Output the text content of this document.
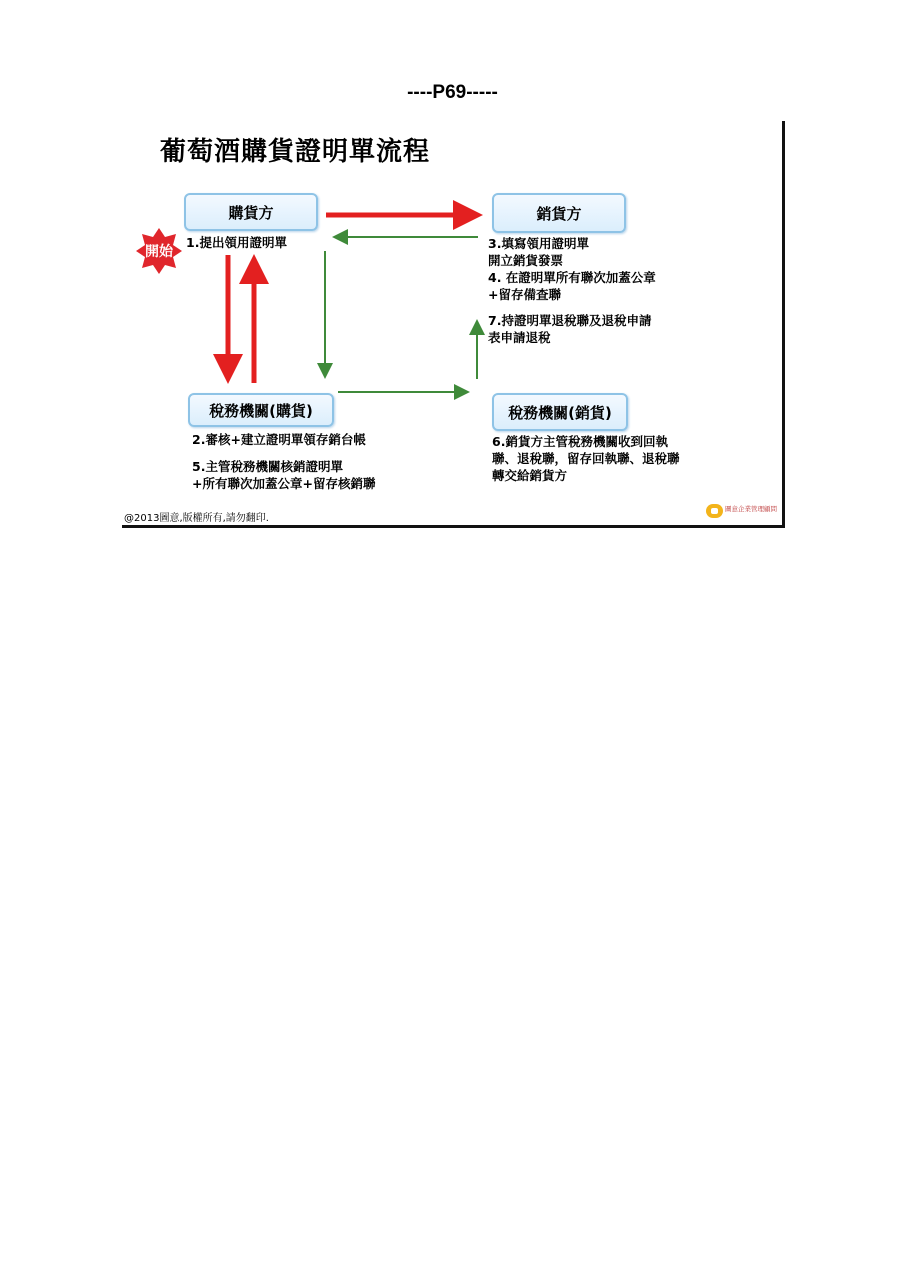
----P69-----
葡萄酒購貨證明單流程
開始
購貨方	銷貨方
稅務機關(購貨)	稅務機關(銷貨)
1.提出領用證明單	3.填寫領用證明單
開立銷貨發票
4. 在證明單所有聯次加蓋公章
+留存備查聯
7.持證明單退稅聯及退稅申請
表申請退稅
2.審核+建立證明單領存銷台帳
5.主管稅務機關核銷證明單
+所有聯次加蓋公章+留存核銷聯
6.銷貨方主管稅務機關收到回執
聯、退稅聯，留存回執聯、退稅聯
轉交給銷貨方
@2013圖意,版權所有,請勿翻印.
圖意企業管理顧問
